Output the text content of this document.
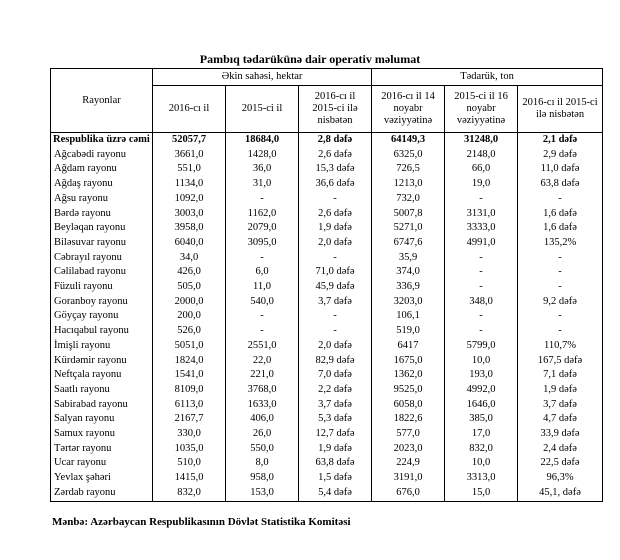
Pambıq tədarükünə dair operativ məlumat
Rayonlar	Əkin sahəsi, hektar			Tədarük, ton		
	2016-cı il	2015-ci il	2016-cı il 2015-ci ilə nisbətən	2016-cı il 14 noyabr vəziyyətinə	2015-ci il 16 noyabr vəziyyətinə	2016-cı il 2015-ci ilə nisbətən
Respublika üzrə cəmi	52057,7	18684,0	2,8 dəfə	64149,3	31248,0	2,1 dəfə
Ağcabədi rayonu	3661,0	1428,0	2,6 dəfə	6325,0	2148,0	2,9 dəfə
Ağdam rayonu	551,0	36,0	15,3 dəfə	726,5	66,0	11,0 dəfə
Ağdaş rayonu	1134,0	31,0	36,6 dəfə	1213,0	19,0	63,8 dəfə
Ağsu rayonu	1092,0	-	-	732,0	-	-
Bərdə rayonu	3003,0	1162,0	2,6 dəfə	5007,8	3131,0	1,6 dəfə
Beyləqan rayonu	3958,0	2079,0	1,9 dəfə	5271,0	3333,0	1,6 dəfə
Biləsuvar rayonu	6040,0	3095,0	2,0 dəfə	6747,6	4991,0	135,2%
Cəbrayıl rayonu	34,0	-	-	35,9	-	-
Cəlilabad rayonu	426,0	6,0	71,0 dəfə	374,0	-	-
Füzuli rayonu	505,0	11,0	45,9 dəfə	336,9	-	-
Goranboy rayonu	2000,0	540,0	3,7 dəfə	3203,0	348,0	9,2 dəfə
Göyçay rayonu	200,0	-	-	106,1	-	-
Hacıqabul rayonu	526,0	-	-	519,0	-	-
İmişli rayonu	5051,0	2551,0	2,0 dəfə	6417	5799,0	110,7%
Kürdəmir rayonu	1824,0	22,0	82,9 dəfə	1675,0	10,0	167,5 dəfə
Neftçala rayonu	1541,0	221,0	7,0 dəfə	1362,0	193,0	7,1 dəfə
Saatlı rayonu	8109,0	3768,0	2,2 dəfə	9525,0	4992,0	1,9 dəfə
Sabirabad rayonu	6113,0	1633,0	3,7 dəfə	6058,0	1646,0	3,7 dəfə
Salyan rayonu	2167,7	406,0	5,3 dəfə	1822,6	385,0	4,7 dəfə
Samux rayonu	330,0	26,0	12,7 dəfə	577,0	17,0	33,9 dəfə
Tərtər rayonu	1035,0	550,0	1,9 dəfə	2023,0	832,0	2,4 dəfə
Ucar rayonu	510,0	8,0	63,8 dəfə	224,9	10,0	22,5 dəfə
Yevlax şəhəri	1415,0	958,0	1,5 dəfə	3191,0	3313,0	96,3%
Zərdab rayonu	832,0	153,0	5,4 dəfə	676,0	15,0	45,1, dəfə
Mənbə: Azərbaycan Respublikasının Dövlət Statistika Komitəsi
